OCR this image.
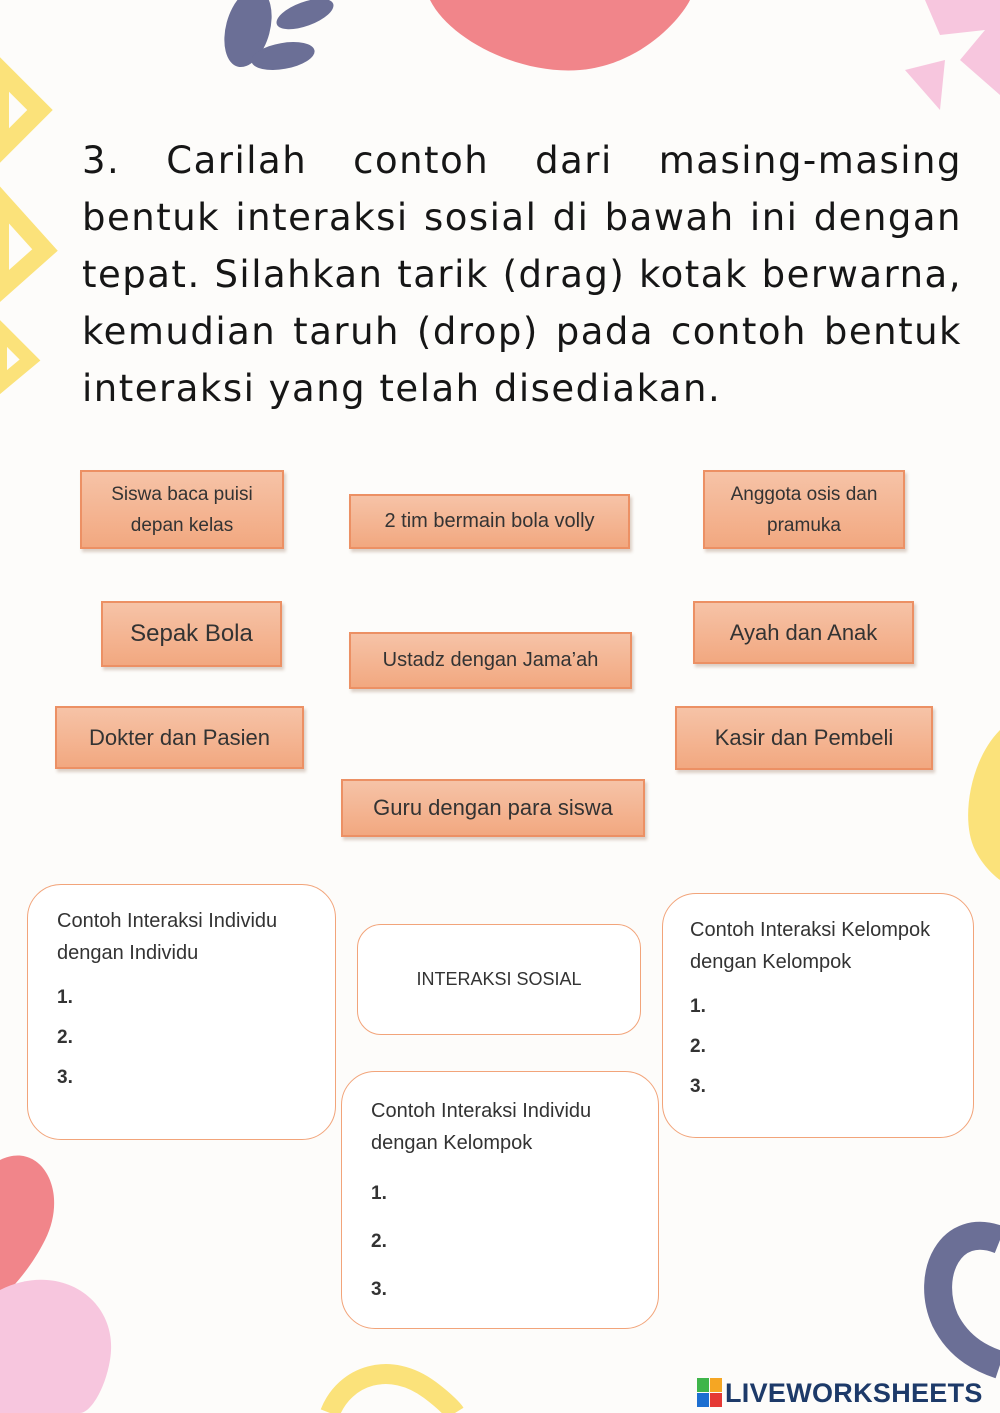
3. Carilah contoh dari masing-masing bentuk interaksi sosial di bawah ini dengan tepat. Silahkan tarik (drag) kotak berwarna, kemudian taruh (drop) pada contoh bentuk interaksi yang telah disediakan.
Siswa baca puisi depan kelas	2 tim bermain bola volly
Anggota osis dan pramuka
Sepak Bola
Ustadz dengan Jama’ah
Ayah dan Anak
Dokter dan Pasien	Kasir dan Pembeli
Guru dengan para siswa
Contoh Interaksi Individu dengan Individu
1.
2.
3.
INTERAKSI SOSIAL
Contoh Interaksi Kelompok dengan Kelompok
1.
2.
3.
Contoh Interaksi Individu dengan Kelompok
1.
2.
3.
LIVEWORKSHEETS
